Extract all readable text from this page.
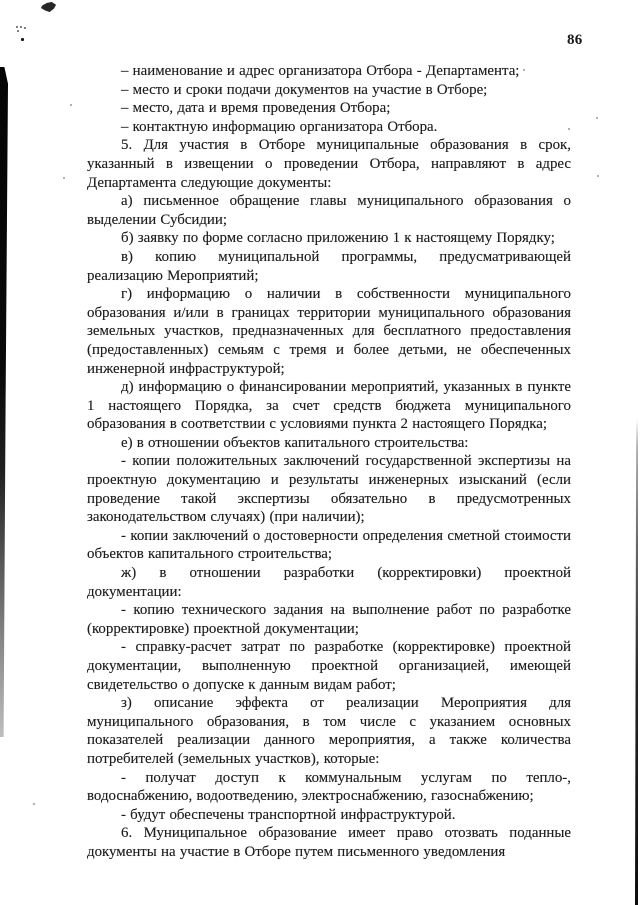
86

– наименование и адрес организатора Отбора - Департамента;

– место и сроки подачи документов на участие в Отборе;

– место, дата и время проведения Отбора;

– контактную информацию организатора Отбора.

5. Для участия в Отборе муниципальные образования в срок, указанный в извещении о проведении Отбора, направляют в адрес Департамента следующие документы:

а) письменное обращение главы муниципального образования о выделении Субсидии;

б) заявку по форме согласно приложению 1 к настоящему Порядку;

в) копию муниципальной программы, предусматривающей реализацию Мероприятий;

г) информацию о наличии в собственности муниципального образования и/или в границах территории муниципального образования земельных участков, предназначенных для бесплатного предоставления (предоставленных) семьям с тремя и более детьми, не обеспеченных инженерной инфраструктурой;

д) информацию о финансировании мероприятий, указанных в пункте 1 настоящего Порядка, за счет средств бюджета муниципального образования в соответствии с условиями пункта 2 настоящего Порядка;

е) в отношении объектов капитального строительства:

- копии положительных заключений государственной экспертизы на проектную документацию и результаты инженерных изысканий (если проведение такой экспертизы обязательно в предусмотренных законодательством случаях) (при наличии);

- копии заключений о достоверности определения сметной стоимости объектов капитального строительства;

ж) в отношении разработки (корректировки) проектной документации:

- копию технического задания на выполнение работ по разработке (корректировке) проектной документации;

- справку-расчет затрат по разработке (корректировке) проектной документации, выполненную проектной организацией, имеющей свидетельство о допуске к данным видам работ;

з) описание эффекта от реализации Мероприятия для муниципального образования, в том числе с указанием основных показателей реализации данного мероприятия, а также количества потребителей (земельных участков), которые:

- получат доступ к коммунальным услугам по тепло-, водоснабжению, водоотведению, электроснабжению, газоснабжению;

- будут обеспечены транспортной инфраструктурой.

6. Муниципальное образование имеет право отозвать поданные документы на участие в Отборе путем письменного уведомления
